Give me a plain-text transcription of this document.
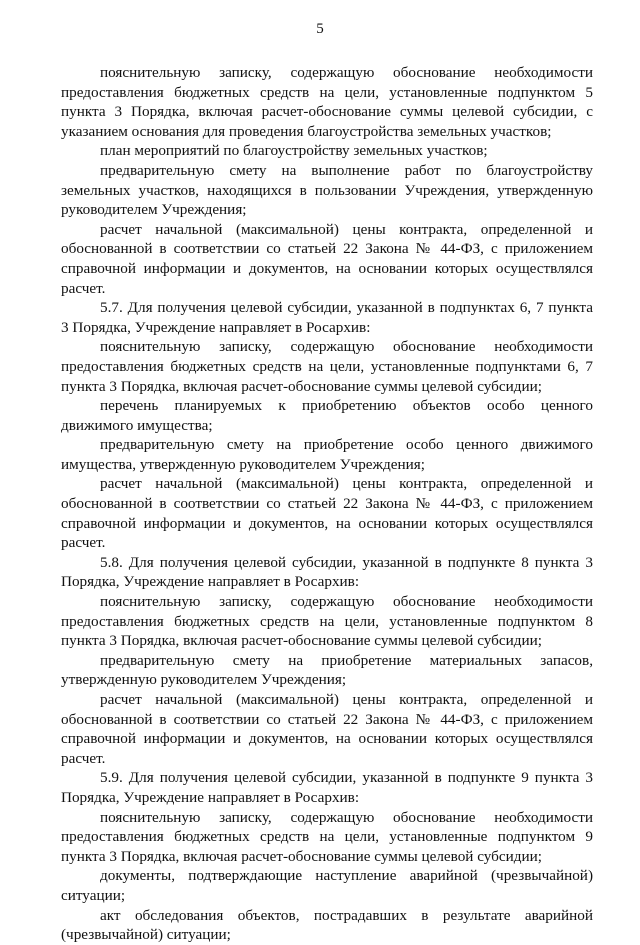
5

пояснительную записку, содержащую обоснование необходимости предоставления бюджетных средств на цели, установленные подпунктом 5 пункта 3 Порядка, включая расчет-обоснование суммы целевой субсидии, с указанием основания для проведения благоустройства земельных участков;

план мероприятий по благоустройству земельных участков;

предварительную смету на выполнение работ по благоустройству земельных участков, находящихся в пользовании Учреждения, утвержденную руководителем Учреждения;

расчет начальной (максимальной) цены контракта, определенной и обоснованной в соответствии со статьей 22 Закона № 44-ФЗ, с приложением справочной информации и документов, на основании которых осуществлялся расчет.

5.7. Для получения целевой субсидии, указанной в подпунктах 6, 7 пункта 3 Порядка, Учреждение направляет в Росархив:

пояснительную записку, содержащую обоснование необходимости предоставления бюджетных средств на цели, установленные подпунктами 6, 7 пункта 3 Порядка, включая расчет-обоснование суммы целевой субсидии;

перечень планируемых к приобретению объектов особо ценного движимого имущества;

предварительную смету на приобретение особо ценного движимого имущества, утвержденную руководителем Учреждения;

расчет начальной (максимальной) цены контракта, определенной и обоснованной в соответствии со статьей 22 Закона № 44-ФЗ, с приложением справочной информации и документов, на основании которых осуществлялся расчет.

5.8. Для получения целевой субсидии, указанной в подпункте 8 пункта 3 Порядка, Учреждение направляет в Росархив:

пояснительную записку, содержащую обоснование необходимости предоставления бюджетных средств на цели, установленные подпунктом 8 пункта 3 Порядка, включая расчет-обоснование суммы целевой субсидии;

предварительную смету на приобретение материальных запасов, утвержденную руководителем Учреждения;

расчет начальной (максимальной) цены контракта, определенной и обоснованной в соответствии со статьей 22 Закона № 44-ФЗ, с приложением справочной информации и документов, на основании которых осуществлялся расчет.

5.9. Для получения целевой субсидии, указанной в подпункте 9 пункта 3 Порядка, Учреждение направляет в Росархив:

пояснительную записку, содержащую обоснование необходимости предоставления бюджетных средств на цели, установленные подпунктом 9 пункта 3 Порядка, включая расчет-обоснование суммы целевой субсидии;

документы, подтверждающие наступление аварийной (чрезвычайной) ситуации;

акт обследования объектов, пострадавших в результате аварийной (чрезвычайной) ситуации;
